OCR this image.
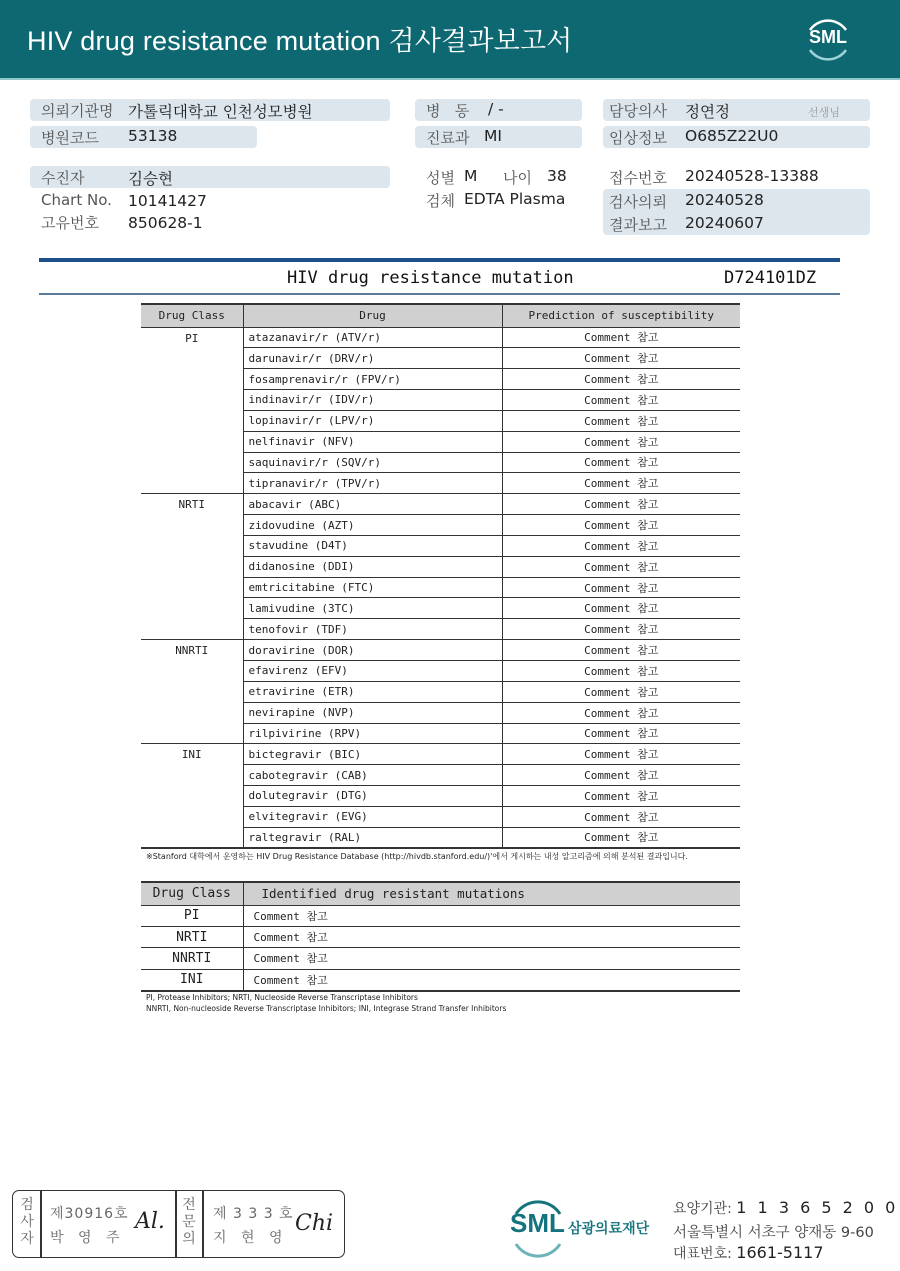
HIV drug resistance mutation 검사결과보고서	SML
의뢰기관명 가톨릭대학교 인천성모병원
병원코드 53138
수진자	김승현
Chart No. 10141427
고유번호 850628-1
병   동 / -
진료과 MI
성별 M 나이 38
검체 EDTA Plasma
담당의사 정연정	선생님
임상정보 O685Z22U0
접수번호 20240528-13388
검사의뢰 20240528
결과보고 20240607
HIV drug resistance mutation	D724101DZ
Drug Class	Drug	Prediction of susceptibility
PI	atazanavir/r (ATV/r)	Comment 참고
	darunavir/r (DRV/r)	Comment 참고
	fosamprenavir/r (FPV/r)	Comment 참고
	indinavir/r (IDV/r)	Comment 참고
	lopinavir/r (LPV/r)	Comment 참고
	nelfinavir (NFV)	Comment 참고
	saquinavir/r (SQV/r)	Comment 참고
	tipranavir/r (TPV/r)	Comment 참고
NRTI	abacavir (ABC)	Comment 참고
	zidovudine (AZT)	Comment 참고
	stavudine (D4T)	Comment 참고
	didanosine (DDI)	Comment 참고
	emtricitabine (FTC)	Comment 참고
	lamivudine (3TC)	Comment 참고
	tenofovir (TDF)	Comment 참고
NNRTI	doravirine (DOR)	Comment 참고
	efavirenz (EFV)	Comment 참고
	etravirine (ETR)	Comment 참고
	nevirapine (NVP)	Comment 참고
	rilpivirine (RPV)	Comment 참고
INI	bictegravir (BIC)	Comment 참고
	cabotegravir (CAB)	Comment 참고
	dolutegravir (DTG)	Comment 참고
	elvitegravir (EVG)	Comment 참고
	raltegravir (RAL)	Comment 참고
※Stanford 대학에서 운영하는 HIV Drug Resistance Database (http://hivdb.stanford.edu/)'에서 게시하는 내성 알고리즘에 의해 분석된 결과입니다.
Drug Class	Identified drug resistant mutations
PI	Comment 참고
NRTI	Comment 참고
NNRTI	Comment 참고
INI	Comment 참고
PI, Protease Inhibitors; NRTI, Nucleoside Reverse Transcriptase Inhibitors
NNRTI, Non-nucleoside Reverse Transcriptase Inhibitors; INI, Integrase Strand Transfer Inhibitors
검사자
제30916호
박 영 주
Al.
전문의
제 3 3 3 호
지 현 영
Chi	SML 삼광의료재단
요양기관: 1 1 3 6 5 2 0 0
서울특별시 서초구 양재동 9-60
대표번호: 1661-5117
